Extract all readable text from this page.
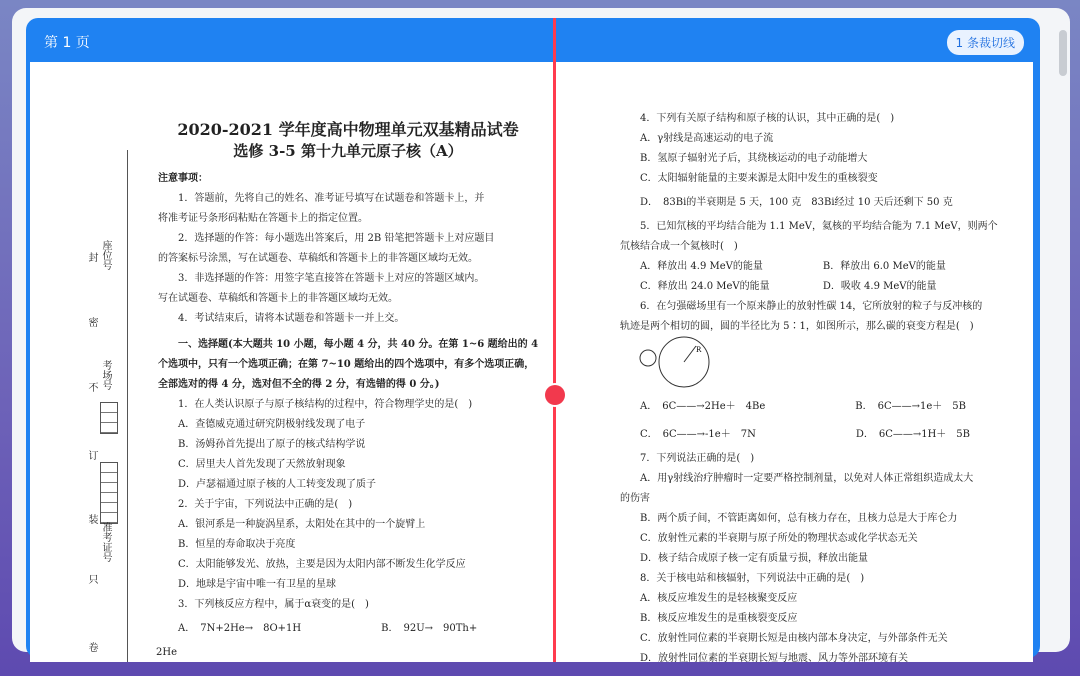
第 1 页	1 条裁切线
封 座位号
密
考场号
不
订
装
准考证号
只
卷
2020-2021 学年度高中物理单元双基精品试卷
选修 3-5 第十九单元原子核（A）
注意事项：
　　1．答题前，先将自己的姓名、准考证号填写在试题卷和答题卡上，并
将准考证号条形码粘贴在答题卡上的指定位置。
　　2．选择题的作答：每小题选出答案后，用 2B 铅笔把答题卡上对应题目
的答案标号涂黑，写在试题卷、草稿纸和答题卡上的非答题区域均无效。
　　3．非选择题的作答：用签字笔直接答在答题卡上对应的答题区域内。
写在试题卷、草稿纸和答题卡上的非答题区域均无效。
　　4．考试结束后，请将本试题卷和答题卡一并上交。
　　一、选择题(本大题共 10 小题，每小题 4 分，共 40 分。在第 1~6 题给出的 4
个选项中，只有一个选项正确；在第 7~10 题给出的四个选项中，有多个选项正确，
全部选对的得 4 分，选对但不全的得 2 分，有选错的得 0 分。)
　　1．在人类认识原子与原子核结构的过程中，符合物理学史的是(　)
　　A．查德威克通过研究阴极射线发现了电子
　　B．汤姆孙首先提出了原子的核式结构学说
　　C．居里夫人首先发现了天然放射现象
　　D．卢瑟福通过原子核的人工转变发现了质子
　　2．关于宇宙，下列说法中正确的是(　)
　　A．银河系是一种旋涡星系，太阳处在其中的一个旋臂上
　　B．恒星的寿命取决于亮度
　　C．太阳能够发光、放热，主要是因为太阳内部不断发生化学反应
　　D．地球是宇宙中唯一有卫星的星球
　　3．下列核反应方程中，属于α衰变的是(　)
　　A．　7N+2He→　8O+1H　　　　　　　　B．　92U→　90Th+
2He
　　4．下列有关原子结构和原子核的认识，其中正确的是(　)
　　A．γ射线是高速运动的电子流
　　B．氢原子辐射光子后，其绕核运动的电子动能增大
　　C．太阳辐射能量的主要来源是太阳中发生的重核裂变
　　D．　83Bi的半衰期是 5 天，100 克　83Bi经过 10 天后还剩下 50 克
　　5．已知氘核的平均结合能为 1.1 MeV，氦核的平均结合能为 7.1 MeV，则两个
氘核结合成一个氦核时(　)
　　A．释放出 4.9 MeV的能量　　　　　　B．释放出 6.0 MeV的能量
　　C．释放出 24.0 MeV的能量　　　　　 D．吸收 4.9 MeV的能量
　　6．在匀强磁场里有一个原来静止的放射性碳 14，它所放射的粒子与反冲核的
轨迹是两个相切的圆，圆的半径比为 5∶1，如图所示，那么碳的衰变方程是(　)
R
　　A．　6C——→2He＋　4Be　　　　　　　　　B．　6C——→1e＋　5B
　　C．　6C——→-1e＋　7N　　　　　　　　　　D．　6C——→1H＋　5B
　　7．下列说法正确的是(　)
　　A．用γ射线治疗肿瘤时一定要严格控制剂量，以免对人体正常组织造成太大
的伤害
　　B．两个质子间，不管距离如何，总有核力存在，且核力总是大于库仑力
　　C．放射性元素的半衰期与原子所处的物理状态或化学状态无关
　　D．核子结合成原子核一定有质量亏损，释放出能量
　　8．关于核电站和核辐射，下列说法中正确的是(　)
　　A．核反应堆发生的是轻核聚变反应
　　B．核反应堆发生的是重核裂变反应
　　C．放射性同位素的半衰期长短是由核内部本身决定，与外部条件无关
　　D．放射性同位素的半衰期长短与地震、风力等外部环境有关
